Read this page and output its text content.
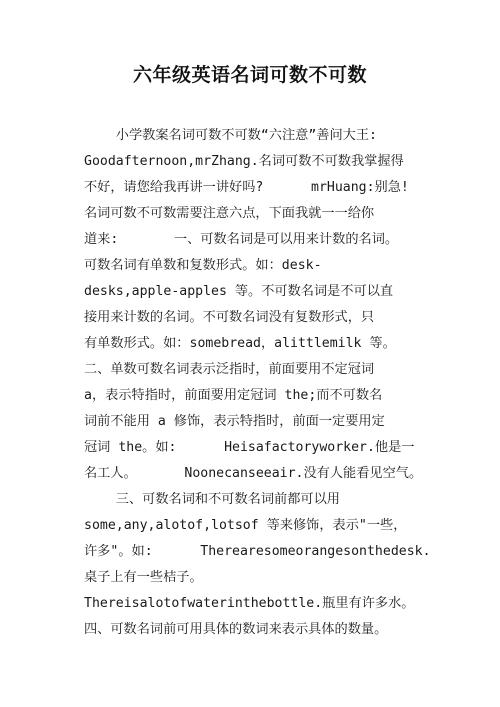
六年级英语名词可数不可数
小学教案名词可数不可数“六注意”善问大王:
Goodafternoon,mrZhang.名词可数不可数我掌握得
不好，请您给我再讲一讲好吗?      mrHuang:别急!
名词可数不可数需要注意六点，下面我就一一给你
道来:       一、可数名词是可以用来计数的名词。
可数名词有单数和复数形式。如：desk-
desks,apple-apples 等。不可数名词是不可以直
接用来计数的名词。不可数名词没有复数形式，只
有单数形式。如：somebread，alittlemilk 等。
二、单数可数名词表示泛指时，前面要用不定冠词
a，表示特指时，前面要用定冠词 the;而不可数名
词前不能用 a 修饰，表示特指时，前面一定要用定
冠词 the。如:      Heisafactoryworker.他是一
名工人。      Noonecanseeair.没有人能看见空气。
三、可数名词和不可数名词前都可以用
some,any,alotof,lotsof 等来修饰，表示"一些，
许多"。如:      Therearesomeorangesonthedesk.
桌子上有一些桔子。
Thereisalotofwaterinthebottle.瓶里有许多水。
四、可数名词前可用具体的数词来表示具体的数量。
